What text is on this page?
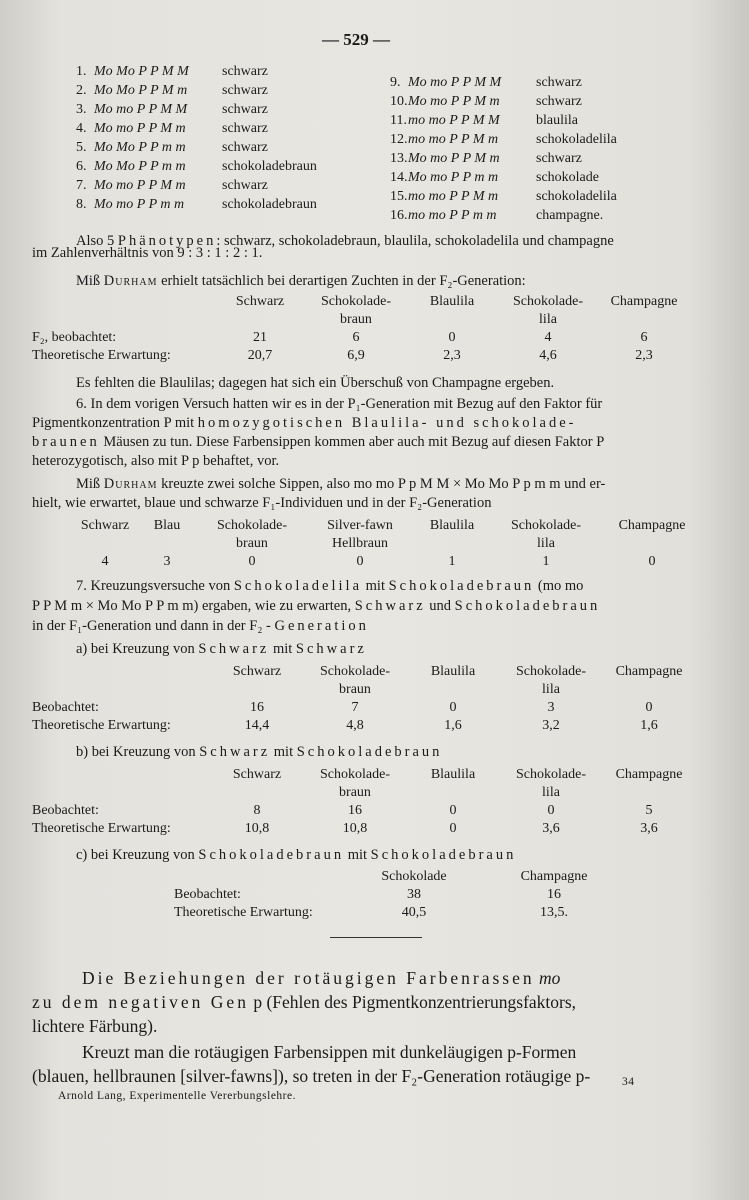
— 529 —
1. Mo Mo P P M M schwarz
2. Mo Mo P P M m schwarz
3. Mo mo P P M M schwarz
4. Mo mo P P M m	schwarz
5. Mo Mo P P m m	schwarz
6. Mo Mo P P m m	schokoladebraun
7. Mo mo P P M m	schwarz
8. Mo mo P P m m	schokoladebraun
9. Mo mo P P M M schwarz
10.Mo mo P P M m	schwarz
11.mo mo P P M M	blaulila
12.mo mo P P M m	schokoladelila
13.Mo mo P P M m	schwarz
14.Mo mo P P m m	schokolade
15.mo mo P P M m	schokoladelila
16.mo mo P P m m	champagne.
Also 5 Phänotypen: schwarz, schokoladebraun, blaulila, schokoladelila und champagne
im Zahlenverhältnis von 9 : 3 : 1 : 2 : 1.
Miß Durham erhielt tatsächlich bei derartigen Zuchten in der F₂-Generation:
	Schwarz	Schokolade-	Blaulila	Schokolade-	Champagne
		braun		lila	
F₂, beobachtet:	21	6	0	4	6
Theoretische Erwartung:	20,7	6,9	2,3	4,6	2,3
Es fehlten die Blaulilas; dagegen hat sich ein Überschuß von Champagne ergeben.
6. In dem vorigen Versuch hatten wir es in der P₁-Generation mit Bezug auf den Faktor für
Pigmentkonzentration P mit homozygotischen Blaulila- und schokolade-
braunen Mäusen zu tun. Diese Farbensippen kommen aber auch mit Bezug auf diesen Faktor P
heterozygotisch, also mit P p behaftet, vor.
Miß Durham kreuzte zwei solche Sippen, also mo mo P p M M × Mo Mo P p m m und er-
hielt, wie erwartet, blaue und schwarze F₁-Individuen und in der F₂-Generation
Schwarz	Blau	Schokolade-	Silver-fawn	Blaulila	Schokolade-	Champagne
		braun	Hellbraun		lila	
4	3	0	0	1	1	0
7. Kreuzungsversuche von Schokoladelila mit Schokoladebraun (mo mo
P P M m × Mo Mo P P m m) ergaben, wie zu erwarten, Schwarz und Schokoladebraun
in der F₁-Generation und dann in der F₂ - Generation
a) bei Kreuzung von Schwarz mit Schwarz
	Schwarz	Schokolade-	Blaulila	Schokolade-	Champagne
		braun		lila	
Beobachtet:	16	7	0	3	0
Theoretische Erwartung:	14,4	4,8	1,6	3,2	1,6
b) bei Kreuzung von Schwarz mit Schokoladebraun
	Schwarz	Schokolade-	Blaulila	Schokolade-	Champagne
		braun		lila	
Beobachtet:	8	16	0	0	5
Theoretische Erwartung:	10,8	10,8	0	3,6	3,6
c) bei Kreuzung von Schokoladebraun mit Schokoladebraun
	Schokolade	Champagne
Beobachtet:	38	16
Theoretische Erwartung:	40,5	13,5.
Die Beziehungen der rotäugigen Farbenrassen mo
zu dem negativen Gen p (Fehlen des Pigmentkonzentrierungsfaktors,
lichtere Färbung).
Kreuzt man die rotäugigen Farbensippen mit dunkeläugigen p-Formen
(blauen, hellbraunen [silver-fawns]), so treten in der F₂-Generation rotäugige p-
Arnold Lang, Experimentelle Vererbungslehre.
34
